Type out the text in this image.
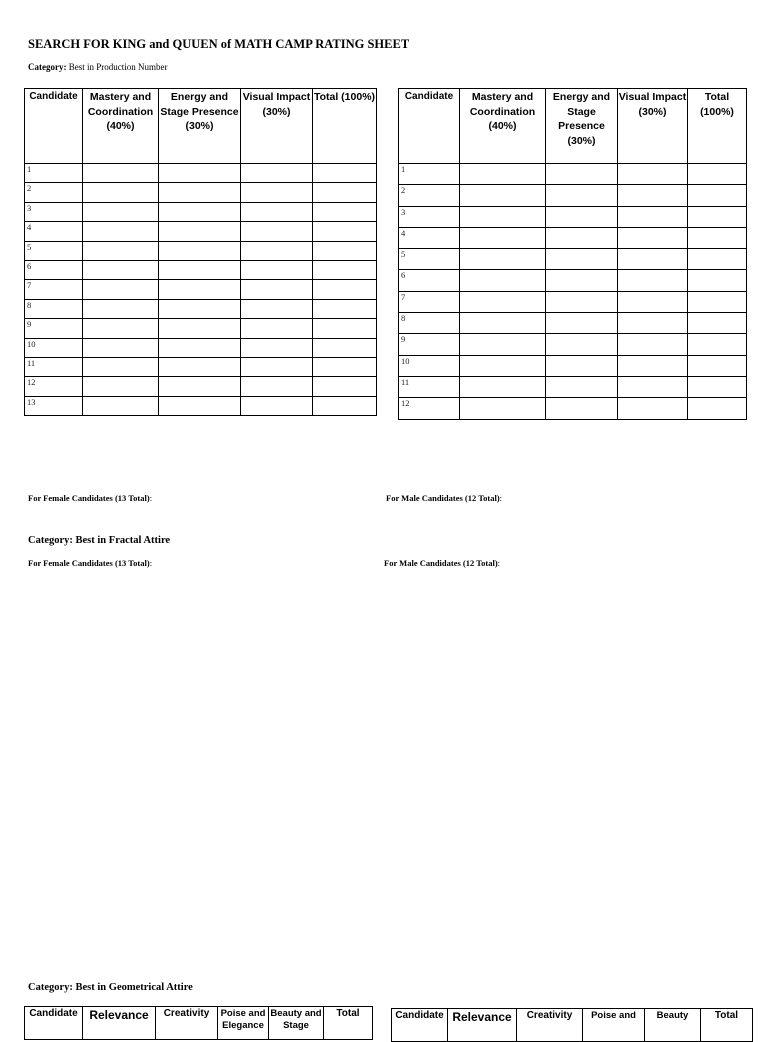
SEARCH FOR KING and QUUEN of MATH CAMP RATING SHEET
Category: Best in Production Number
Candidate	Mastery and Coordination (40%)	Energy and Stage Presence (30%)	Visual Impact (30%)	Total (100%)
1				
2				
3				
4				
5				
6				
7				
8				
9				
10				
11				
12				
13				
Candidate	Mastery and Coordination (40%)	Energy and Stage Presence (30%)	Visual Impact (30%)	Total (100%)
1				
2				
3				
4				
5				
6				
7				
8				
9				
10				
11				
12				
For Female Candidates (13 Total):	For Male Candidates (12 Total):
Category: Best in Fractal Attire
For Female Candidates (13 Total):	For Male Candidates (12 Total):
Category: Best in Geometrical Attire
Candidate	Relevance	Creativity	Poise and Elegance	Beauty and Stage	Total	Candidate	Relevance	Creativity	Poise and	Beauty	Total
